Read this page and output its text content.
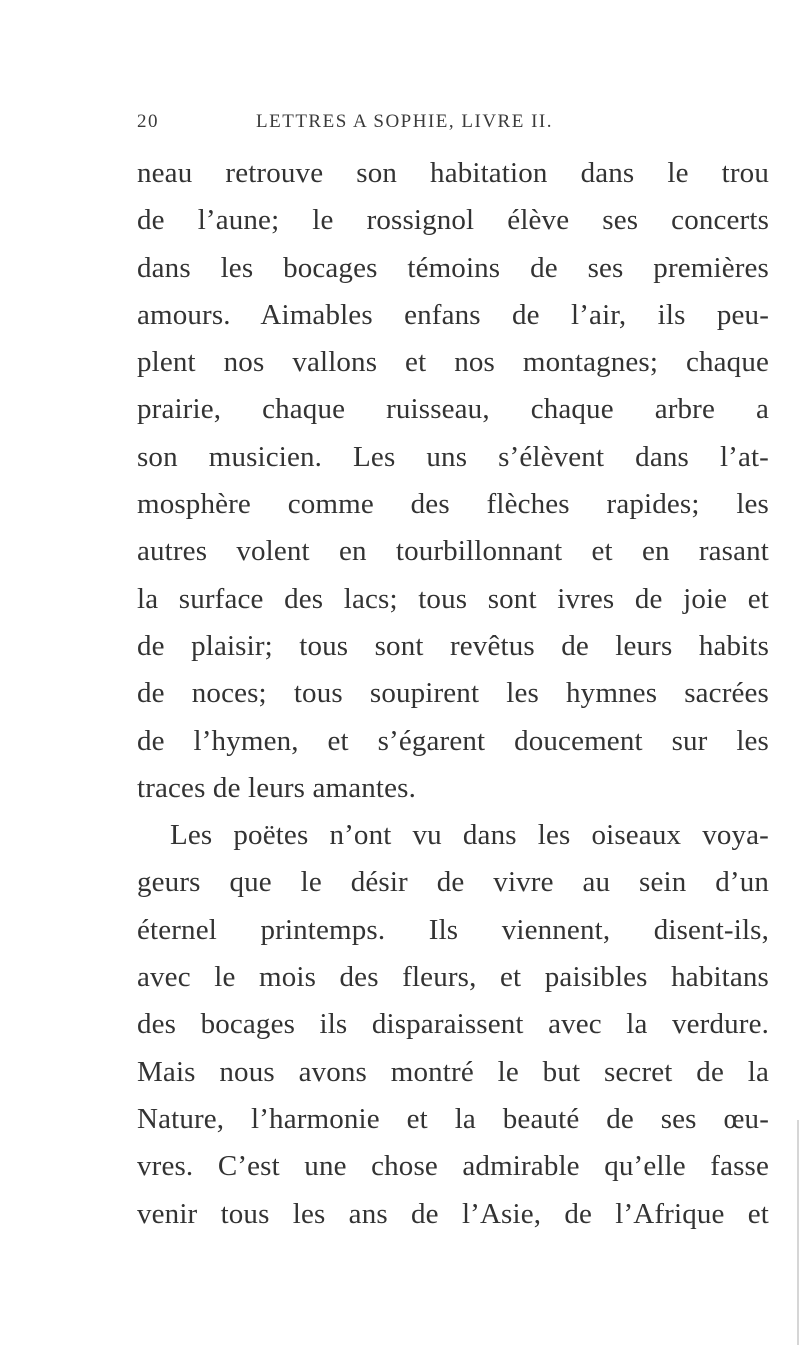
20	LETTRES A SOPHIE, LIVRE II.
neau retrouve son habitation dans le trou
de l’aune; le rossignol élève ses concerts
dans les bocages témoins de ses premières
amours. Aimables enfans de l’air, ils peu-
plent nos vallons et nos montagnes; chaque
prairie, chaque ruisseau, chaque arbre a
son musicien. Les uns s’élèvent dans l’at-
mosphère comme des flèches rapides; les
autres volent en tourbillonnant et en rasant
la surface des lacs; tous sont ivres de joie et
de plaisir; tous sont revêtus de leurs habits
de noces; tous soupirent les hymnes sacrées
de l’hymen, et s’égarent doucement sur les
traces de leurs amantes.
Les poëtes n’ont vu dans les oiseaux voya-
geurs que le désir de vivre au sein d’un
éternel printemps. Ils viennent, disent-ils,
avec le mois des fleurs, et paisibles habitans
des bocages ils disparaissent avec la verdure.
Mais nous avons montré le but secret de la
Nature, l’harmonie et la beauté de ses œu-
vres. C’est une chose admirable qu’elle fasse
venir tous les ans de l’Asie, de l’Afrique et
